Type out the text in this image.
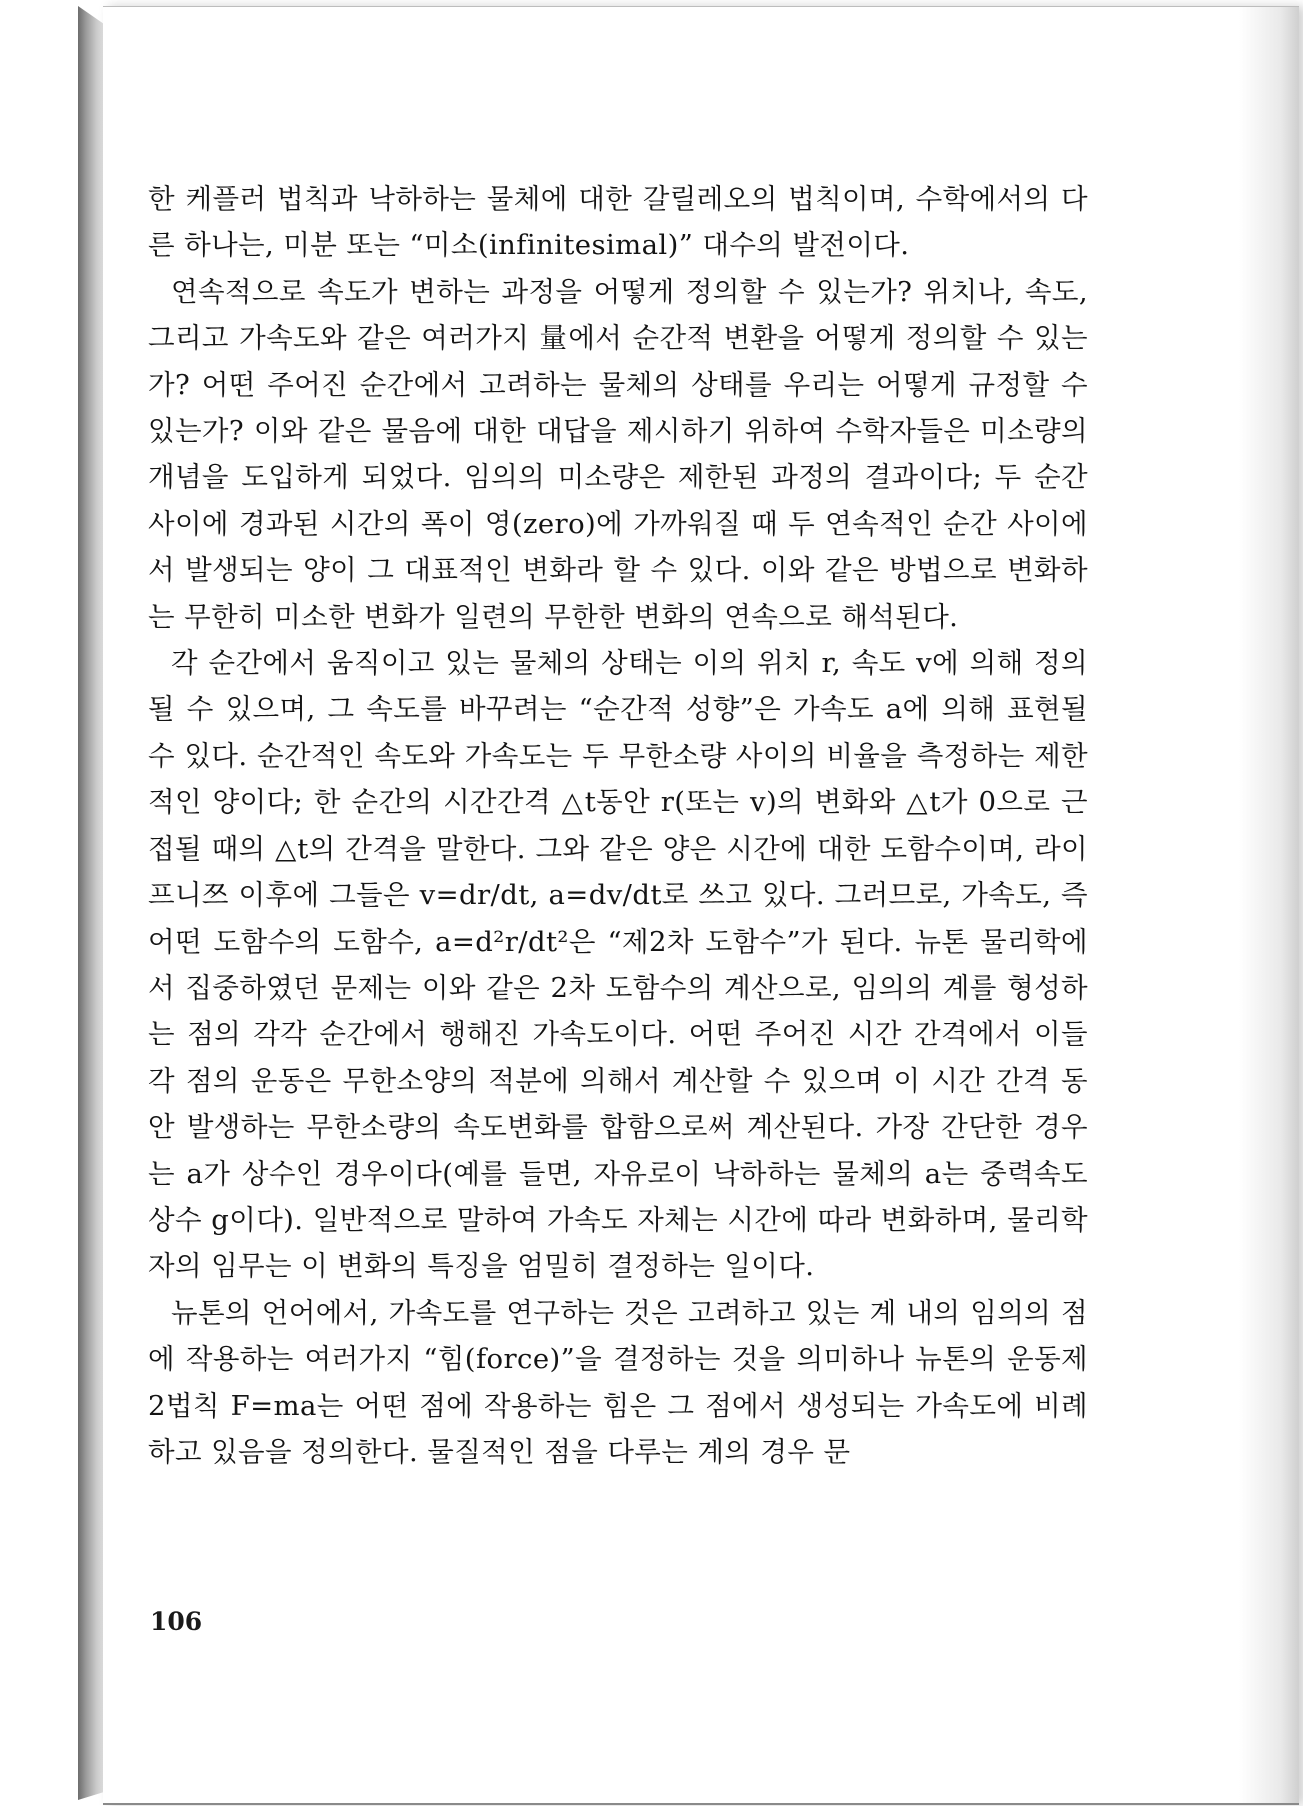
한 케플러 법칙과 낙하하는 물체에 대한 갈릴레오의 법칙이며, 수학에서의 다른 하나는, 미분 또는 “미소(infinitesimal)” 대수의 발전이다.

연속적으로 속도가 변하는 과정을 어떻게 정의할 수 있는가? 위치나, 속도, 그리고 가속도와 같은 여러가지 量에서 순간적 변환을 어떻게 정의할 수 있는가? 어떤 주어진 순간에서 고려하는 물체의 상태를 우리는 어떻게 규정할 수 있는가? 이와 같은 물음에 대한 대답을 제시하기 위하여 수학자들은 미소량의 개념을 도입하게 되었다. 임의의 미소량은 제한된 과정의 결과이다; 두 순간 사이에 경과된 시간의 폭이 영(zero)에 가까워질 때 두 연속적인 순간 사이에서 발생되는 양이 그 대표적인 변화라 할 수 있다. 이와 같은 방법으로 변화하는 무한히 미소한 변화가 일련의 무한한 변화의 연속으로 해석된다.

각 순간에서 움직이고 있는 물체의 상태는 이의 위치 r, 속도 v에 의해 정의될 수 있으며, 그 속도를 바꾸려는 “순간적 성향”은 가속도 a에 의해 표현될 수 있다. 순간적인 속도와 가속도는 두 무한소량 사이의 비율을 측정하는 제한적인 양이다; 한 순간의 시간간격 △t동안 r(또는 v)의 변화와 △t가 0으로 근접될 때의 △t의 간격을 말한다. 그와 같은 양은 시간에 대한 도함수이며, 라이프니쯔 이후에 그들은 v=dr/dt, a=dv/dt로 쓰고 있다. 그러므로, 가속도, 즉 어떤 도함수의 도함수, a=d²r/dt²은 “제2차 도함수”가 된다. 뉴톤 물리학에서 집중하였던 문제는 이와 같은 2차 도함수의 계산으로, 임의의 계를 형성하는 점의 각각 순간에서 행해진 가속도이다. 어떤 주어진 시간 간격에서 이들 각 점의 운동은 무한소양의 적분에 의해서 계산할 수 있으며 이 시간 간격 동안 발생하는 무한소량의 속도변화를 합함으로써 계산된다. 가장 간단한 경우는 a가 상수인 경우이다(예를 들면, 자유로이 낙하하는 물체의 a는 중력속도 상수 g이다). 일반적으로 말하여 가속도 자체는 시간에 따라 변화하며, 물리학자의 임무는 이 변화의 특징을 엄밀히 결정하는 일이다.

뉴톤의 언어에서, 가속도를 연구하는 것은 고려하고 있는 계 내의 임의의 점에 작용하는 여러가지 “힘(force)”을 결정하는 것을 의미하나 뉴톤의 운동제2법칙 F=ma는 어떤 점에 작용하는 힘은 그 점에서 생성되는 가속도에 비례하고 있음을 정의한다. 물질적인 점을 다루는 계의 경우 문

106
